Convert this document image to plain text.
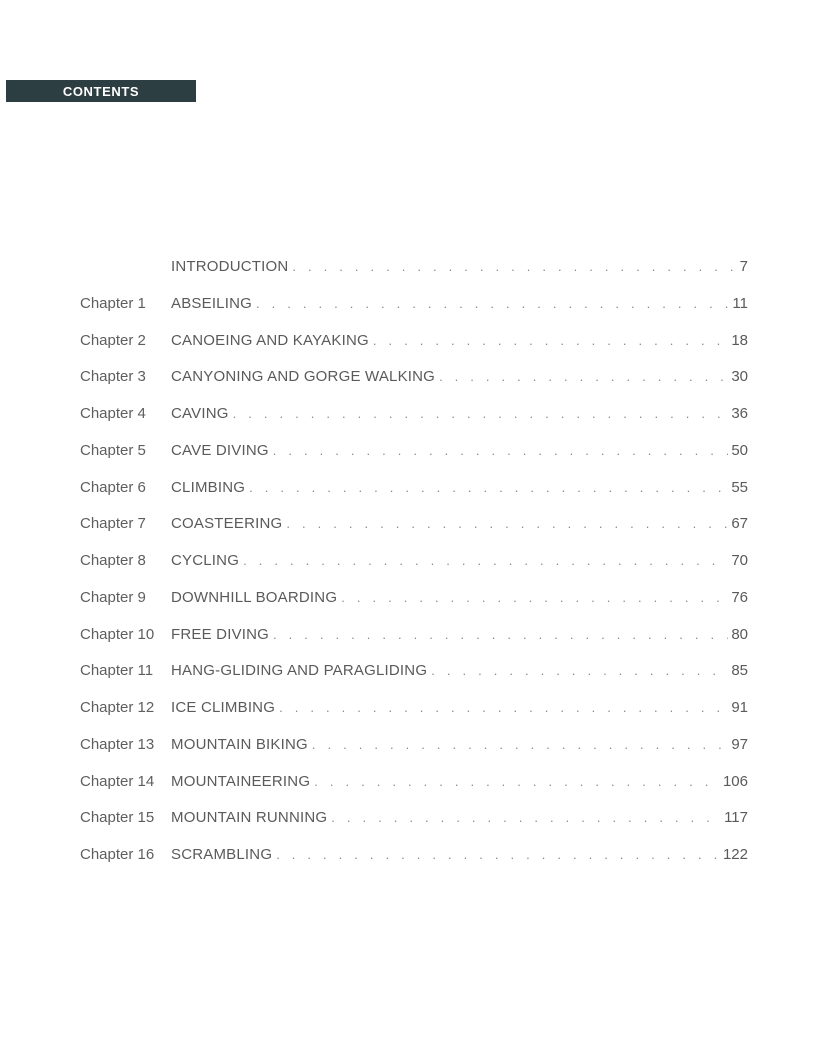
CONTENTS
INTRODUCTION . . .	7
Chapter 1	ABSEILING . . .	11
Chapter 2	CANOEING AND KAYAKING . . .	18
Chapter 3	CANYONING AND GORGE WALKING . . .	30
Chapter 4	CAVING . . .	36
Chapter 5	CAVE DIVING . . .	50
Chapter 6	CLIMBING . . .	55
Chapter 7	COASTEERING . . .	67
Chapter 8	CYCLING . . .	70
Chapter 9	DOWNHILL BOARDING . . .	76
Chapter 10	FREE DIVING . . .	80
Chapter 11	HANG-GLIDING AND PARAGLIDING . . .	85
Chapter 12	ICE CLIMBING . . .	91
Chapter 13	MOUNTAIN BIKING . . .	97
Chapter 14	MOUNTAINEERING . . .	106
Chapter 15	MOUNTAIN RUNNING . . .	117
Chapter 16	SCRAMBLING . . .	122
